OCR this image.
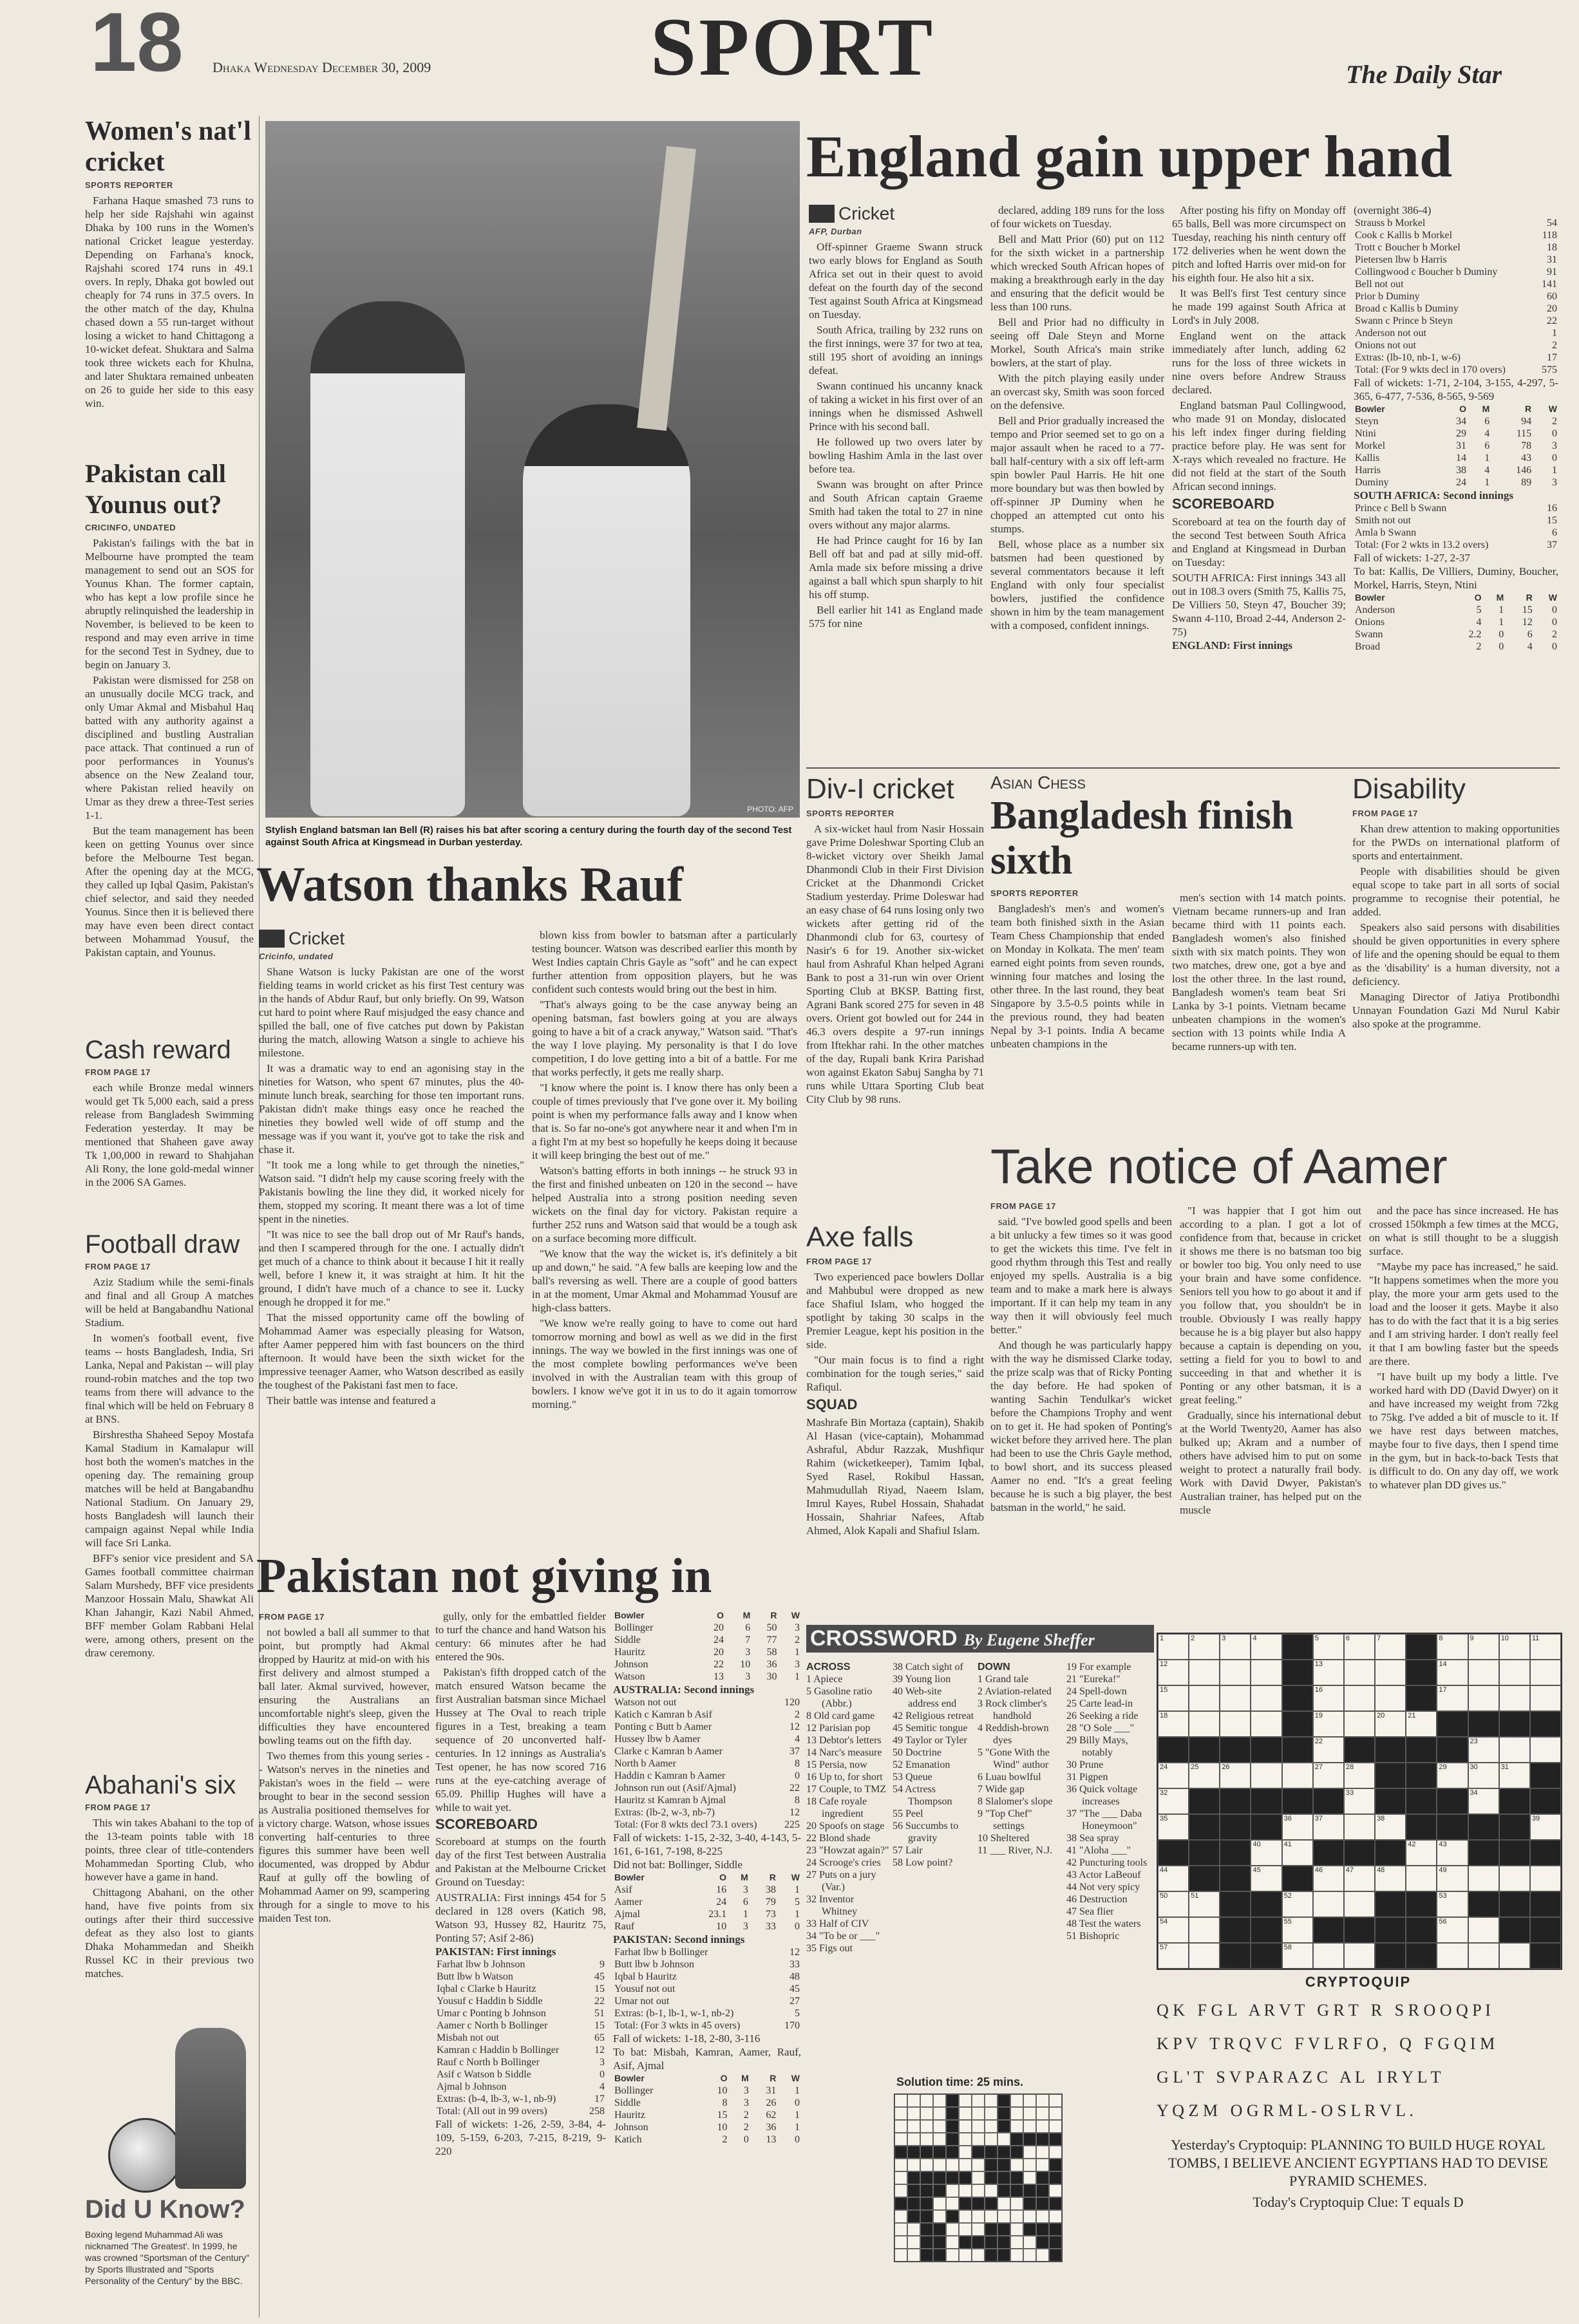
18 Dhaka Wednesday December 30, 2009	SPORT	The Daily Star
Women's nat'l cricket
SPORTS REPORTER

Farhana Haque smashed 73 runs to help her side Rajshahi win against Dhaka by 100 runs in the Women's national Cricket league yesterday. Depending on Farhana's knock, Rajshahi scored 174 runs in 49.1 overs. In reply, Dhaka got bowled out cheaply for 74 runs in 37.5 overs. In the other match of the day, Khulna chased down a 55 run-target without losing a wicket to hand Chittagong a 10-wicket defeat. Shuktara and Salma took three wickets each for Khulna, and later Shuktara remained unbeaten on 26 to guide her side to this easy win.

Pakistan call Younus out?
CRICINFO, UNDATED

Pakistan's failings with the bat in Melbourne have prompted the team management to send out an SOS for Younus Khan. The former captain, who has kept a low profile since he abruptly relinquished the leadership in November, is believed to be keen to respond and may even arrive in time for the second Test in Sydney, due to begin on January 3.

Pakistan were dismissed for 258 on an unusually docile MCG track, and only Umar Akmal and Misbahul Haq batted with any authority against a disciplined and bustling Australian pace attack. That continued a run of poor performances in Younus's absence on the New Zealand tour, where Pakistan relied heavily on Umar as they drew a three-Test series 1-1.

But the team management has been keen on getting Younus over since before the Melbourne Test began. After the opening day at the MCG, they called up Iqbal Qasim, Pakistan's chief selector, and said they needed Younus. Since then it is believed there may have even been direct contact between Mohammad Yousuf, the Pakistan captain, and Younus.

Cash reward
FROM PAGE 17

each while Bronze medal winners would get Tk 5,000 each, said a press release from Bangladesh Swimming Federation yesterday. It may be mentioned that Shaheen gave away Tk 1,00,000 in reward to Shahjahan Ali Rony, the lone gold-medal winner in the 2006 SA Games.

Football draw
FROM PAGE 17

Aziz Stadium while the semi-finals and final and all Group A matches will be held at Bangabandhu National Stadium.

In women's football event, five teams -- hosts Bangladesh, India, Sri Lanka, Nepal and Pakistan -- will play round-robin matches and the top two teams from there will advance to the final which will be held on February 8 at BNS.

Birshrestha Shaheed Sepoy Mostafa Kamal Stadium in Kamalapur will host both the women's matches in the opening day. The remaining group matches will be held at Bangabandhu National Stadium. On January 29, hosts Bangladesh will launch their campaign against Nepal while India will face Sri Lanka.

BFF's senior vice president and SA Games football committee chairman Salam Murshedy, BFF vice presidents Manzoor Hossain Malu, Shawkat Ali Khan Jahangir, Kazi Nabil Ahmed, BFF member Golam Rabbani Helal were, among others, present on the draw ceremony.

Abahani's six
FROM PAGE 17

This win takes Abahani to the top of the 13-team points table with 18 points, three clear of title-contenders Mohammedan Sporting Club, who however have a game in hand.

Chittagong Abahani, on the other hand, have five points from six outings after their third successive defeat as they also lost to giants Dhaka Mohammedan and Sheikh Russel KC in their previous two matches.

Did U Know?
Boxing legend Muhammad Ali was nicknamed 'The Greatest'. In 1999, he was crowned "Sportsman of the Century" by Sports Illustrated and "Sports Personality of the Century" by the BBC.
PHOTO: AFP
Stylish England batsman Ian Bell (R) raises his bat after scoring a century during the fourth day of the second Test against South Africa at Kingsmead in Durban yesterday.
England gain upper hand
Cricket
AFP, Durban

Off-spinner Graeme Swann struck two early blows for England as South Africa set out in their quest to avoid defeat on the fourth day of the second Test against South Africa at Kingsmead on Tuesday.

South Africa, trailing by 232 runs on the first innings, were 37 for two at tea, still 195 short of avoiding an innings defeat.

Swann continued his uncanny knack of taking a wicket in his first over of an innings when he dismissed Ashwell Prince with his second ball.

He followed up two overs later by bowling Hashim Amla in the last over before tea.

Swann was brought on after Prince and South African captain Graeme Smith had taken the total to 27 in nine overs without any major alarms.

He had Prince caught for 16 by Ian Bell off bat and pad at silly mid-off. Amla made six before missing a drive against a ball which spun sharply to hit his off stump.

Bell earlier hit 141 as England made 575 for nine

declared, adding 189 runs for the loss of four wickets on Tuesday.

Bell and Matt Prior (60) put on 112 for the sixth wicket in a partnership which wrecked South African hopes of making a breakthrough early in the day and ensuring that the deficit would be less than 100 runs.

Bell and Prior had no difficulty in seeing off Dale Steyn and Morne Morkel, South Africa's main strike bowlers, at the start of play.

With the pitch playing easily under an overcast sky, Smith was soon forced on the defensive.

Bell and Prior gradually increased the tempo and Prior seemed set to go on a major assault when he raced to a 77-ball half-century with a six off left-arm spin bowler Paul Harris. He hit one more boundary but was then bowled by off-spinner JP Duminy when he chopped an attempted cut onto his stumps.

Bell, whose place as a number six batsmen had been questioned by several commentators because it left England with only four specialist bowlers, justified the confidence shown in him by the team management with a composed, confident innings.

After posting his fifty on Monday off 65 balls, Bell was more circumspect on Tuesday, reaching his ninth century off 172 deliveries when he went down the pitch and lofted Harris over mid-on for his eighth four. He also hit a six.

It was Bell's first Test century since he made 199 against South Africa at Lord's in July 2008.

England went on the attack immediately after lunch, adding 62 runs for the loss of three wickets in nine overs before Andrew Strauss declared.

England batsman Paul Collingwood, who made 91 on Monday, dislocated his left index finger during fielding practice before play. He was sent for X-rays which revealed no fracture. He did not field at the start of the South African second innings.

SCOREBOARD
Scoreboard at tea on the fourth day of the second Test between South Africa and England at Kingsmead in Durban on Tuesday:
SOUTH AFRICA: First innings 343 all out in 108.3 overs (Smith 75, Kallis 75, De Villiers 50, Steyn 47, Boucher 39; Swann 4-110, Broad 2-44, Anderson 2-75)
ENGLAND: First innings
(overnight 386-4)
Strauss b Morkel	54
Cook c Kallis b Morkel	118
Trott c Boucher b Morkel	18
Pietersen lbw b Harris	31
Collingwood c Boucher b Duminy	91
Bell not out	141
Prior b Duminy	60
Broad c Kallis b Duminy	20
Swann c Prince b Steyn	22
Anderson not out	1
Onions not out	2
Extras: (lb-10, nb-1, w-6)	17
Total: (For 9 wkts decl in 170 overs)	575
Fall of wickets: 1-71, 2-104, 3-155, 4-297, 5-365, 6-477, 7-536, 8-565, 9-569
Bowler	O	M	R	W
Steyn	34	6	94	2
Ntini	29	4	115	0
Morkel	31	6	78	3
Kallis	14	1	43	0
Harris	38	4	146	1
Duminy	24	1	89	3
SOUTH AFRICA: Second innings
Prince c Bell b Swann	16
Smith not out	15
Amla b Swann	6
Total: (For 2 wkts in 13.2 overs)	37
Fall of wickets: 1-27, 2-37
To bat: Kallis, De Villiers, Duminy, Boucher, Morkel, Harris, Steyn, Ntini
Bowler	O	M	R	W
Anderson	5	1	15	0
Onions	4	1	12	0
Swann	2.2	0	6	2
Broad	2	0	4	0
Watson thanks Rauf
Cricket
Cricinfo, undated

Shane Watson is lucky Pakistan are one of the worst fielding teams in world cricket as his first Test century was in the hands of Abdur Rauf, but only briefly. On 99, Watson cut hard to point where Rauf misjudged the easy chance and spilled the ball, one of five catches put down by Pakistan during the match, allowing Watson a single to achieve his milestone.

It was a dramatic way to end an agonising stay in the nineties for Watson, who spent 67 minutes, plus the 40-minute lunch break, searching for those ten important runs. Pakistan didn't make things easy once he reached the nineties they bowled well wide of off stump and the message was if you want it, you've got to take the risk and chase it.

"It took me a long while to get through the nineties," Watson said. "I didn't help my cause scoring freely with the Pakistanis bowling the line they did, it worked nicely for them, stopped my scoring. It meant there was a lot of time spent in the nineties.

"It was nice to see the ball drop out of Mr Rauf's hands, and then I scampered through for the one. I actually didn't get much of a chance to think about it because I hit it really well, before I knew it, it was straight at him. It hit the ground, I didn't have much of a chance to see it. Lucky enough he dropped it for me."

That the missed opportunity came off the bowling of Mohammad Aamer was especially pleasing for Watson, after Aamer peppered him with fast bouncers on the third afternoon. It would have been the sixth wicket for the impressive teenager Aamer, who Watson described as easily the toughest of the Pakistani fast men to face.

Their battle was intense and featured a

blown kiss from bowler to batsman after a particularly testing bouncer. Watson was described earlier this month by West Indies captain Chris Gayle as "soft" and he can expect further attention from opposition players, but he was confident such contests would bring out the best in him.

"That's always going to be the case anyway being an opening batsman, fast bowlers going at you are always going to have a bit of a crack anyway," Watson said. "That's the way I love playing. My personality is that I do love competition, I do love getting into a bit of a battle. For me that works perfectly, it gets me really sharp.

"I know where the point is. I know there has only been a couple of times previously that I've gone over it. My boiling point is when my performance falls away and I know when that is. So far no-one's got anywhere near it and when I'm in a fight I'm at my best so hopefully he keeps doing it because it will keep bringing the best out of me."

Watson's batting efforts in both innings -- he struck 93 in the first and finished unbeaten on 120 in the second -- have helped Australia into a strong position needing seven wickets on the final day for victory. Pakistan require a further 252 runs and Watson said that would be a tough ask on a surface becoming more difficult.

"We know that the way the wicket is, it's definitely a bit up and down," he said. "A few balls are keeping low and the ball's reversing as well. There are a couple of good batters in at the moment, Umar Akmal and Mohammad Yousuf are high-class batters.

"We know we're really going to have to come out hard tomorrow morning and bowl as well as we did in the first innings. The way we bowled in the first innings was one of the most complete bowling performances we've been involved in with the Australian team with this group of bowlers. I know we've got it in us to do it again tomorrow morning."

Div-I cricket
SPORTS REPORTER

A six-wicket haul from Nasir Hossain gave Prime Doleshwar Sporting Club an 8-wicket victory over Sheikh Jamal Dhanmondi Club in their First Division Cricket at the Dhanmondi Cricket Stadium yesterday. Prime Doleswar had an easy chase of 64 runs losing only two wickets after getting rid of the Dhanmondi club for 63, courtesy of Nasir's 6 for 19. Another six-wicket haul from Ashraful Khan helped Agrani Bank to post a 31-run win over Orient Sporting Club at BKSP. Batting first, Agrani Bank scored 275 for seven in 48 overs. Orient got bowled out for 244 in 46.3 overs despite a 97-run innings from Iftekhar rahi. In the other matches of the day, Rupali bank Krira Parishad won against Ekaton Sabuj Sangha by 71 runs while Uttara Sporting Club beat City Club by 98 runs.

Axe falls
FROM PAGE 17

Two experienced pace bowlers Dollar and Mahbubul were dropped as new face Shafiul Islam, who hogged the spotlight by taking 30 scalps in the Premier League, kept his position in the side.

"Our main focus is to find a right combination for the tough series," said Rafiqul.

SQUAD
Mashrafe Bin Mortaza (captain), Shakib Al Hasan (vice-captain), Mohammad Ashraful, Abdur Razzak, Mushfiqur Rahim (wicketkeeper), Tamim Iqbal, Syed Rasel, Rokibul Hassan, Mahmudullah Riyad, Naeem Islam, Imrul Kayes, Rubel Hossain, Shahadat Hossain, Shahriar Nafees, Aftab Ahmed, Alok Kapali and Shafiul Islam.
Asian Chess
Bangladesh finish sixth
SPORTS REPORTER

Bangladesh's men's and women's team both finished sixth in the Asian Team Chess Championship that ended on Monday in Kolkata. The men' team earned eight points from seven rounds, winning four matches and losing the other three. In the last round, they beat Singapore by 3.5-0.5 points while in the previous round, they had beaten Nepal by 3-1 points. India A became unbeaten champions in the

men's section with 14 match points. Vietnam became runners-up and Iran became third with 11 points each. Bangladesh women's also finished sixth with six match points. They won two matches, drew one, got a bye and lost the other three. In the last round, Bangladesh women's team beat Sri Lanka by 3-1 points. Vietnam became unbeaten champions in the women's section with 13 points while India A became runners-up with ten.

Disability
FROM PAGE 17

Khan drew attention to making opportunities for the PWDs on international platform of sports and entertainment.

People with disabilities should be given equal scope to take part in all sorts of social programme to recognise their potential, he added.

Speakers also said persons with disabilities should be given opportunities in every sphere of life and the opening should be equal to them as the 'disability' is a human diversity, not a deficiency.

Managing Director of Jatiya Protibondhi Unnayan Foundation Gazi Md Nurul Kabir also spoke at the programme.

Take notice of Aamer
FROM PAGE 17

said. "I've bowled good spells and been a bit unlucky a few times so it was good to get the wickets this time. I've felt in good rhythm through this Test and really enjoyed my spells. Australia is a big team and to make a mark here is always important. If it can help my team in any way then it will obviously feel much better."

And though he was particularly happy with the way he dismissed Clarke today, the prize scalp was that of Ricky Ponting the day before. He had spoken of wanting Sachin Tendulkar's wicket before the Champions Trophy and went on to get it. He had spoken of Ponting's wicket before they arrived here. The plan had been to use the Chris Gayle method, to bowl short, and its success pleased Aamer no end. "It's a great feeling because he is such a big player, the best batsman in the world," he said.

"I was happier that I got him out according to a plan. I got a lot of confidence from that, because in cricket it shows me there is no batsman too big or bowler too big. You only need to use your brain and have some confidence. Seniors tell you how to go about it and if you follow that, you shouldn't be in trouble. Obviously I was really happy because he is a big player but also happy because a captain is depending on you, setting a field for you to bowl to and succeeding in that and whether it is Ponting or any other batsman, it is a great feeling."

Gradually, since his international debut at the World Twenty20, Aamer has also bulked up; Akram and a number of others have advised him to put on some weight to protect a naturally frail body. Work with David Dwyer, Pakistan's Australian trainer, has helped put on the muscle

and the pace has since increased. He has crossed 150kmph a few times at the MCG, on what is still thought to be a sluggish surface.

"Maybe my pace has increased," he said. "It happens sometimes when the more you play, the more your arm gets used to the load and the looser it gets. Maybe it also has to do with the fact that it is a big series and I am striving harder. I don't really feel it that I am bowling faster but the speeds are there.

"I have built up my body a little. I've worked hard with DD (David Dwyer) on it and have increased my weight from 72kg to 75kg. I've added a bit of muscle to it. If we have rest days between matches, maybe four to five days, then I spend time in the gym, but in back-to-back Tests that is difficult to do. On any day off, we work to whatever plan DD gives us."

Pakistan not giving in
FROM PAGE 17

not bowled a ball all summer to that point, but promptly had Akmal dropped by Hauritz at mid-on with his first delivery and almost stumped a ball later. Akmal survived, however, ensuring the Australians an uncomfortable night's sleep, given the difficulties they have encountered bowling teams out on the fifth day.

Two themes from this young series -- Watson's nerves in the nineties and Pakistan's woes in the field -- were brought to bear in the second session as Australia positioned themselves for a victory charge. Watson, whose issues converting half-centuries to three figures this summer have been well documented, was dropped by Abdur Rauf at gully off the bowling of Mohammad Aamer on 99, scampering through for a single to move to his maiden Test ton.

gully, only for the embattled fielder to turf the chance and hand Watson his century: 66 minutes after he had entered the 90s.

Pakistan's fifth dropped catch of the match ensured Watson became the first Australian batsman since Michael Hussey at The Oval to reach triple figures in a Test, breaking a team sequence of 20 unconverted half-centuries. In 12 innings as Australia's Test opener, he has now scored 716 runs at the eye-catching average of 65.09. Phillip Hughes will have a while to wait yet.

SCOREBOARD
Scoreboard at stumps on the fourth day of the first Test between Australia and Pakistan at the Melbourne Cricket Ground on Tuesday:
AUSTRALIA: First innings 454 for 5 declared in 128 overs (Katich 98, Watson 93, Hussey 82, Hauritz 75, Ponting 57; Asif 2-86)
PAKISTAN: First innings
Farhat lbw b Johnson	9
Butt lbw b Watson	45
Iqbal c Clarke b Hauritz	15
Yousuf c Haddin b Siddle	22
Umar c Ponting b Johnson	51
Aamer c North b Bollinger	15
Misbah not out	65
Kamran c Haddin b Bollinger	12
Rauf c North b Bollinger	3
Asif c Watson b Siddle	0
Ajmal b Johnson	4
Extras: (b-4, lb-3, w-1, nb-9)	17
Total: (All out in 99 overs)	258
Fall of wickets: 1-26, 2-59, 3-84, 4-109, 5-159, 6-203, 7-215, 8-219, 9-220
Bowler	O	M	R	W
Bollinger	20	6	50	3
Siddle	24	7	77	2
Hauritz	20	3	58	1
Johnson	22	10	36	3
Watson	13	3	30	1
AUSTRALIA: Second innings
Watson not out	120
Katich c Kamran b Asif	2
Ponting c Butt b Aamer	12
Hussey lbw b Aamer	4
Clarke c Kamran b Aamer	37
North b Aamer	8
Haddin c Kamran b Aamer	0
Johnson run out (Asif/Ajmal)	22
Hauritz st Kamran b Ajmal	8
Extras: (lb-2, w-3, nb-7)	12
Total: (For 8 wkts decl 73.1 overs)	225
Fall of wickets: 1-15, 2-32, 3-40, 4-143, 5-161, 6-161, 7-198, 8-225
Did not bat: Bollinger, Siddle
Bowler	O	M	R	W
Asif	16	3	38	1
Aamer	24	6	79	5
Ajmal	23.1	1	73	1
Rauf	10	3	33	0
PAKISTAN: Second innings
Farhat lbw b Bollinger	12
Butt lbw b Johnson	33
Iqbal b Hauritz	48
Yousuf not out	45
Umar not out	27
Extras: (b-1, lb-1, w-1, nb-2)	5
Total: (For 3 wkts in 45 overs)	170
Fall of wickets: 1-18, 2-80, 3-116
To bat: Misbah, Kamran, Aamer, Rauf, Asif, Ajmal
Bowler	O	M	R	W
Bollinger	10	3	31	1
Siddle	8	3	26	0
Hauritz	15	2	62	1
Johnson	10	2	36	1
Katich	2	0	13	0
CROSSWORD By Eugene Sheffer
ACROSS
1 Apiece
5 Gasoline ratio (Abbr.)
8 Old card game
12 Parisian pop
13 Debtor's letters
14 Narc's measure
15 Persia, now
16 Up to, for short
17 Couple, to TMZ
18 Cafe royale ingredient
20 Spoofs on stage
22 Blond shade
23 "Howzat again?"
24 Scrooge's cries
27 Puts on a jury (Var.)
32 Inventor Whitney
33 Half of CIV
34 "To be or ___"
35 Figs out
38 Catch sight of
39 Young lion
40 Web-site address end
42 Religious retreat
45 Semitic tongue
49 Taylor or Tyler
50 Doctrine
52 Emanation
53 Queue
54 Actress Thompson
55 Peel
56 Succumbs to gravity
57 Lair
58 Low point?
DOWN
1 Grand tale
2 Aviation-related
3 Rock climber's handhold
4 Reddish-brown dyes
5 "Gone With the Wind" author
6 Luau bowlful
7 Wide gap
8 Slalomer's slope
9 "Top Chef" settings
10 Sheltered
11 ___ River, N.J.
19 For example
21 "Eureka!"
24 Spell-down
25 Carte lead-in
26 Seeking a ride
28 "O Sole ___"
29 Billy Mays, notably
30 Prune
31 Pigpen
36 Quick voltage increases
37 "The ___ Daba Honeymoon"
38 Sea spray
41 "Aloha ___"
42 Puncturing tools
43 Actor LaBeouf
44 Not very spicy
46 Destruction
47 Sea flier
48 Test the waters
51 Bishopric
Solution time: 25 mins.
1	2	3	4	5	6	7	8	9	10	11
12	13	14
15	16	17
18	19	20	21
22	23
24	25	26	27	28	29	30	31
32	33	34
35	36	37	38	39
40	41	42	43
44	45	46	47	48	49
50	51	52	53
54	55	56
57	58
CRYPTOQUIP
Q K   F G L   A R V T   G R T   R   S R O O Q P I
K P V   T R Q V C   F V L R F O ,   Q   F G Q I M
G L ' T   S V P A R A Z C   A L   I R Y L T
Y Q Z M   O G R M L - O S L R V L .
Yesterday's Cryptoquip: PLANNING TO BUILD HUGE ROYAL TOMBS, I BELIEVE ANCIENT EGYPTIANS HAD TO DEVISE PYRAMID SCHEMES.
Today's Cryptoquip Clue: T equals D
